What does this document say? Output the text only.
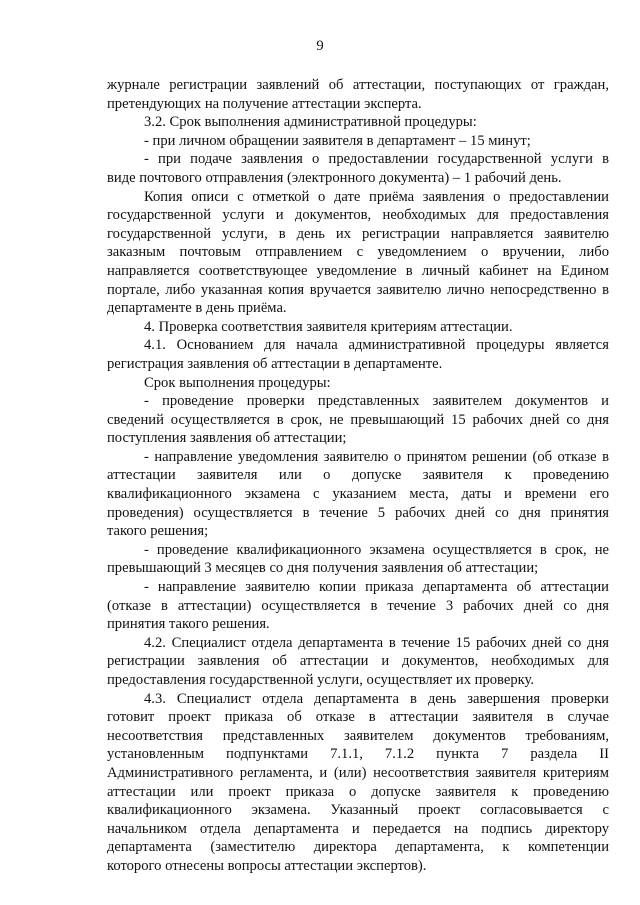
9
журнале регистрации заявлений об аттестации, поступающих от граждан,
претендующих на получение аттестации эксперта.
3.2. Срок выполнения административной процедуры:
- при личном обращении заявителя в департамент – 15 минут;
- при подаче заявления о предоставлении государственной услуги в
виде почтового отправления (электронного документа) – 1 рабочий день.
Копия описи с отметкой о дате приёма заявления о предоставлении
государственной услуги и документов, необходимых для предоставления
государственной услуги, в день их регистрации направляется заявителю
заказным почтовым отправлением с уведомлением о вручении, либо
направляется соответствующее уведомление в личный кабинет на Едином
портале, либо указанная копия вручается заявителю лично непосредственно в
департаменте в день приёма.
4. Проверка соответствия заявителя критериям аттестации.
4.1. Основанием для начала административной процедуры является
регистрация заявления об аттестации в департаменте.
Срок выполнения процедуры:
- проведение проверки представленных заявителем документов и
сведений осуществляется в срок, не превышающий 15 рабочих дней со дня
поступления заявления об аттестации;
- направление уведомления заявителю о принятом решении (об отказе в
аттестации заявителя или о допуске заявителя к проведению
квалификационного экзамена с указанием места, даты и времени его
проведения) осуществляется в течение 5 рабочих дней со дня принятия
такого решения;
- проведение квалификационного экзамена осуществляется в срок, не
превышающий 3 месяцев со дня получения заявления об аттестации;
- направление заявителю копии приказа департамента об аттестации
(отказе в аттестации) осуществляется в течение 3 рабочих дней со дня
принятия такого решения.
4.2. Специалист отдела департамента в течение 15 рабочих дней со дня
регистрации заявления об аттестации и документов, необходимых для
предоставления государственной услуги, осуществляет их проверку.
4.3. Специалист отдела департамента в день завершения проверки
готовит проект приказа об отказе в аттестации заявителя в случае
несоответствия представленных заявителем документов требованиям,
установленным подпунктами 7.1.1, 7.1.2 пункта 7 раздела II
Административного регламента, и (или) несоответствия заявителя критериям
аттестации или проект приказа о допуске заявителя к проведению
квалификационного экзамена. Указанный проект согласовывается с
начальником отдела департамента и передается на подпись директору
департамента (заместителю директора департамента, к компетенции
которого отнесены вопросы аттестации экспертов).
